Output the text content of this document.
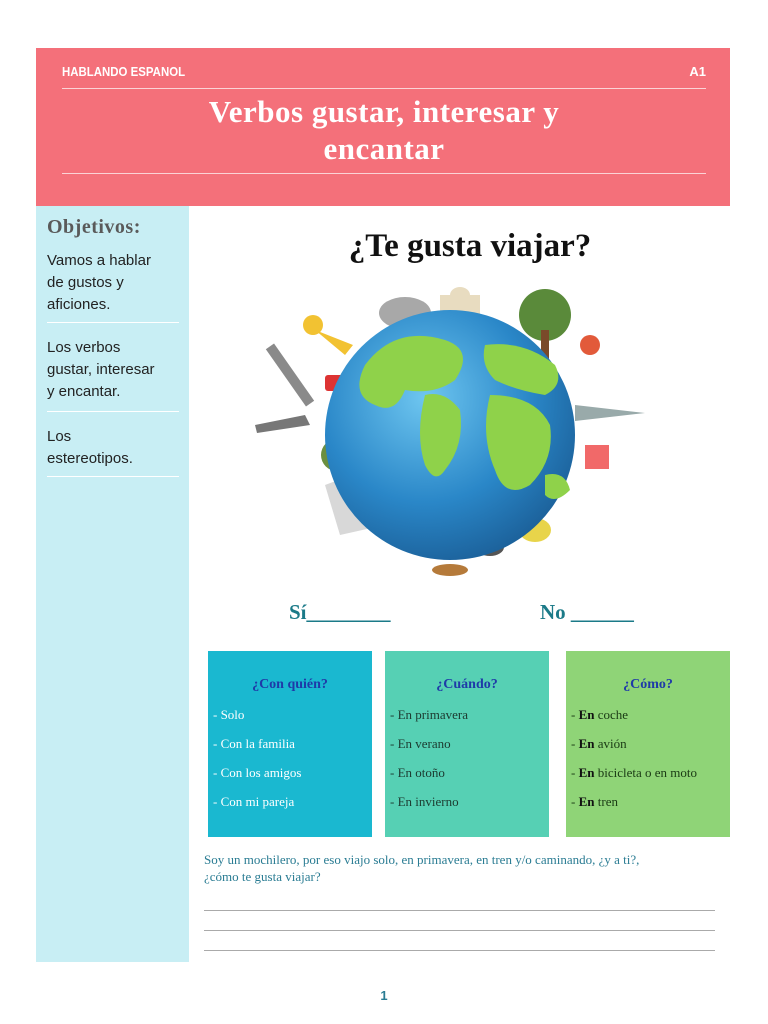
HABLANDO ESPANOL	A1
Verbos gustar, interesar y
encantar
Objetivos:
Vamos a hablar
de gustos y
aficiones.
Los verbos
gustar, interesar
y encantar.
Los
estereotipos.
¿Te gusta viajar?
Sí________	No ______
¿Con quién?
- Solo
- Con la familia
- Con los amigos
- Con mi pareja
¿Cuándo?
- En primavera
- En verano
- En otoño
- En invierno
¿Cómo?
- En coche
- En avión
- En bicicleta o en moto
- En tren
Soy un mochilero, por eso viajo solo, en primavera, en tren y/o caminando, ¿y a ti?,
¿cómo te gusta viajar?
1
